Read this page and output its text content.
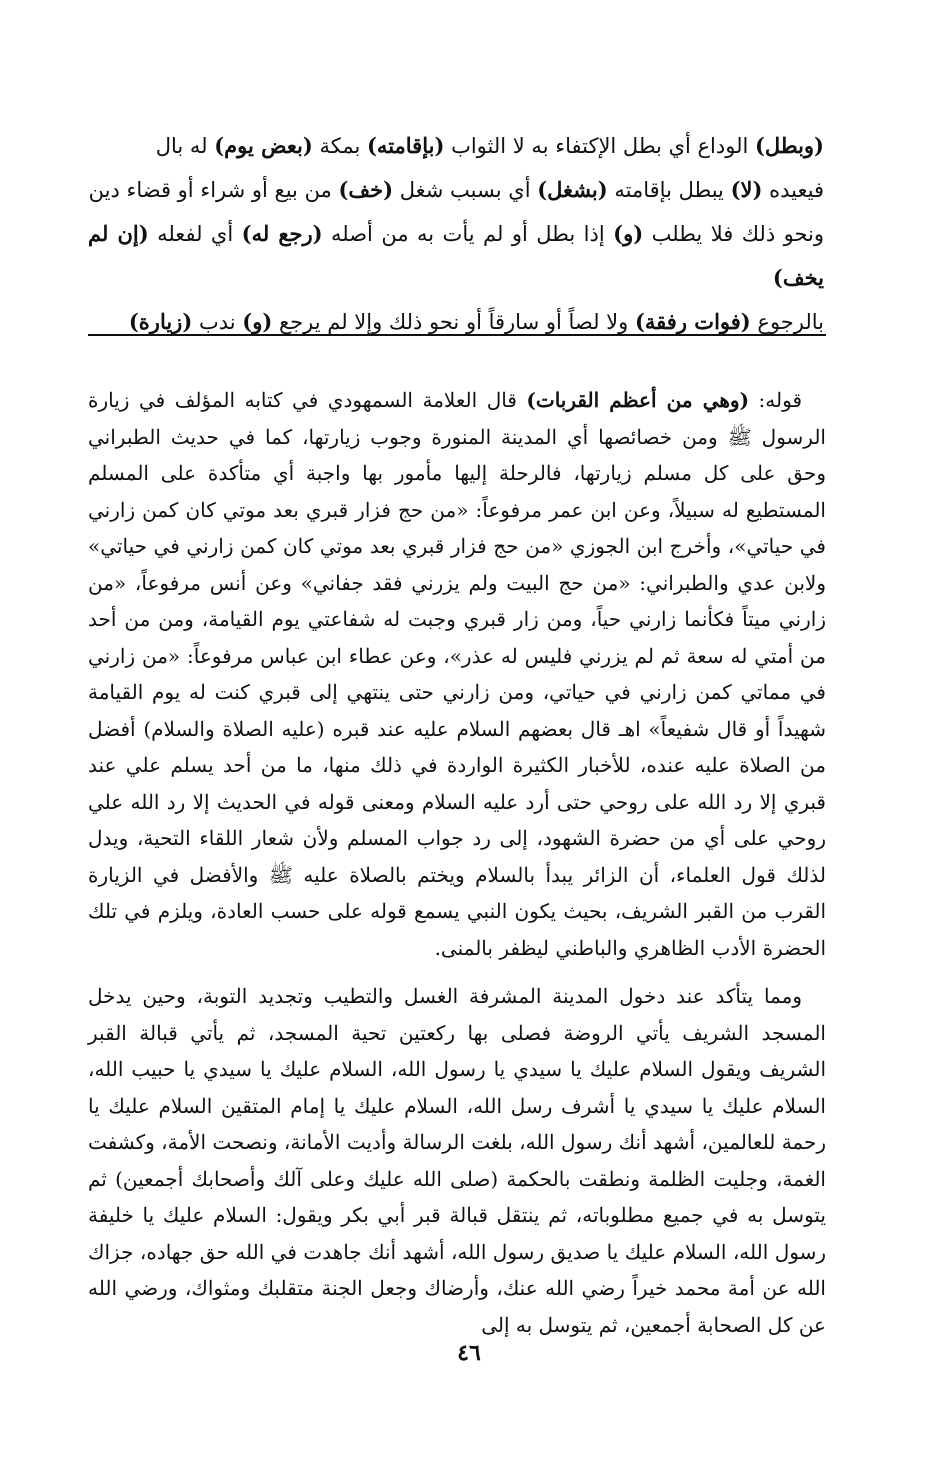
(وبطل) الوداع أي بطل الإكتفاء به لا الثواب (بإقامته) بمكة (بعض يوم) له بال

فيعيده (لا) يبطل بإقامته (بشغل) أي بسبب شغل (خف) من بيع أو شراء أو قضاء دين

ونحو ذلك فلا يطلب (و) إذا بطل أو لم يأت به من أصله (رجع له) أي لفعله (إن لم يخف)

بالرجوع (فوات رفقة) ولا لصاً أو سارقاً أو نحو ذلك وإلا لم يرجع (و) ندب (زيارة)

قوله: (وهي من أعظم القربات) قال العلامة السمهودي في كتابه المؤلف في زيارة الرسول ﷺ ومن خصائصها أي المدينة المنورة وجوب زيارتها، كما في حديث الطبراني وحق على كل مسلم زيارتها، فالرحلة إليها مأمور بها واجبة أي متأكدة على المسلم المستطيع له سبيلاً، وعن ابن عمر مرفوعاً: «من حج فزار قبري بعد موتي كان كمن زارني في حياتي»، وأخرج ابن الجوزي «من حج فزار قبري بعد موتي كان كمن زارني في حياتي» ولابن عدي والطبراني: «من حج البيت ولم يزرني فقد جفاني» وعن أنس مرفوعاً، «من زارني ميتاً فكأنما زارني حياً، ومن زار قبري وجبت له شفاعتي يوم القيامة، ومن من أحد من أمتي له سعة ثم لم يزرني فليس له عذر»، وعن عطاء ابن عباس مرفوعاً: «من زارني في مماتي كمن زارني في حياتي، ومن زارني حتى ينتهي إلى قبري كنت له يوم القيامة شهيداً أو قال شفيعاً» اهـ قال بعضهم السلام عليه عند قبره (عليه الصلاة والسلام) أفضل من الصلاة عليه عنده، للأخبار الكثيرة الواردة في ذلك منها، ما من أحد يسلم علي عند قبري إلا رد الله على روحي حتى أرد عليه السلام ومعنى قوله في الحديث إلا رد الله علي روحي على أي من حضرة الشهود، إلى رد جواب المسلم ولأن شعار اللقاء التحية، ويدل لذلك قول العلماء، أن الزائر يبدأ بالسلام ويختم بالصلاة عليه ﷺ والأفضل في الزيارة القرب من القبر الشريف، بحيث يكون النبي يسمع قوله على حسب العادة، ويلزم في تلك الحضرة الأدب الظاهري والباطني ليظفر بالمنى.

ومما يتأكد عند دخول المدينة المشرفة الغسل والتطيب وتجديد التوبة، وحين يدخل المسجد الشريف يأتي الروضة فصلى بها ركعتين تحية المسجد، ثم يأتي قبالة القبر الشريف ويقول السلام عليك يا سيدي يا رسول الله، السلام عليك يا سيدي يا حبيب الله، السلام عليك يا سيدي يا أشرف رسل الله، السلام عليك يا إمام المتقين السلام عليك يا رحمة للعالمين، أشهد أنك رسول الله، بلغت الرسالة وأديت الأمانة، ونصحت الأمة، وكشفت الغمة، وجليت الظلمة ونطقت بالحكمة (صلى الله عليك وعلى آلك وأصحابك أجمعين) ثم يتوسل به في جميع مطلوباته، ثم ينتقل قبالة قبر أبي بكر ويقول: السلام عليك يا خليفة رسول الله، السلام عليك يا صديق رسول الله، أشهد أنك جاهدت في الله حق جهاده، جزاك الله عن أمة محمد خيراً رضي الله عنك، وأرضاك وجعل الجنة متقلبك ومثواك، ورضي الله عن كل الصحابة أجمعين، ثم يتوسل به إلى

٤٦
